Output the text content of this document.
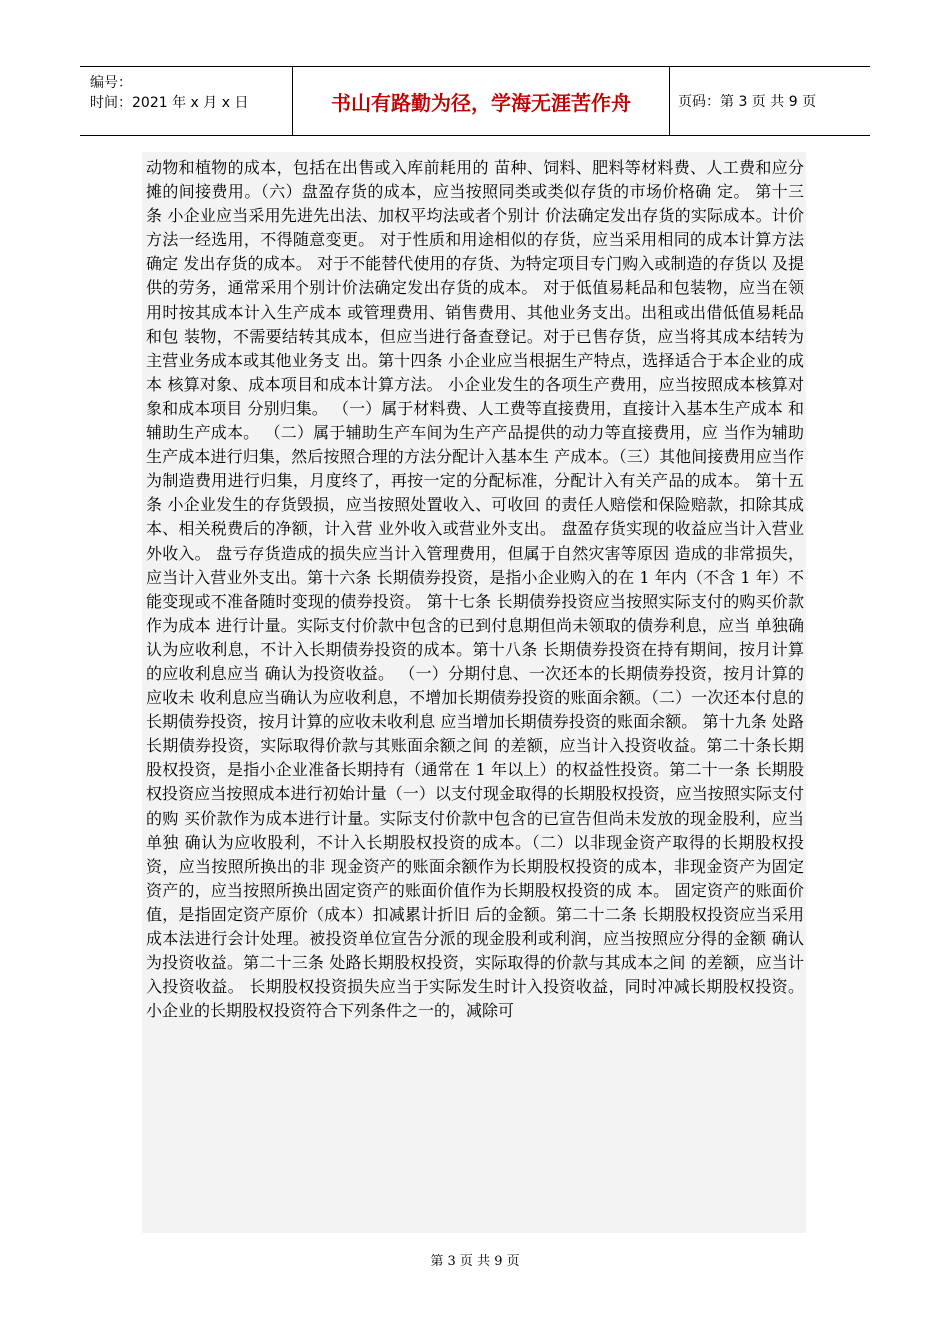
编号：
时间：2021 年 x 月 x 日	书山有路勤为径，学海无涯苦作舟	页码：第 3 页 共 9 页

动物和植物的成本，包括在出售或入库前耗用的 苗种、饲料、肥料等材料费、人工费和应分摊的间接费用。（六）盘盈存货的成本，应当按照同类或类似存货的市场价格确 定。 第十三条 小企业应当采用先进先出法、加权平均法或者个别计 价法确定发出存货的实际成本。计价方法一经选用，不得随意变更。 对于性质和用途相似的存货，应当采用相同的成本计算方法确定 发出存货的成本。 对于不能替代使用的存货、为特定项目专门购入或制造的存货以 及提供的劳务，通常采用个别计价法确定发出存货的成本。 对于低值易耗品和包装物，应当在领用时按其成本计入生产成本 或管理费用、销售费用、其他业务支出。出租或出借低值易耗品和包 装物，不需要结转其成本，但应当进行备查登记。对于已售存货，应当将其成本结转为主营业务成本或其他业务支 出。第十四条 小企业应当根据生产特点，选择适合于本企业的成本 核算对象、成本项目和成本计算方法。 小企业发生的各项生产费用，应当按照成本核算对象和成本项目 分别归集。 （一）属于材料费、人工费等直接费用，直接计入基本生产成本 和辅助生产成本。 （二）属于辅助生产车间为生产产品提供的动力等直接费用，应 当作为辅助生产成本进行归集，然后按照合理的方法分配计入基本生 产成本。（三）其他间接费用应当作为制造费用进行归集，月度终了，再按一定的分配标准，分配计入有关产品的成本。 第十五条 小企业发生的存货毁损，应当按照处置收入、可收回 的责任人赔偿和保险赔款，扣除其成本、相关税费后的净额，计入营 业外收入或营业外支出。 盘盈存货实现的收益应当计入营业外收入。 盘亏存货造成的损失应当计入管理费用，但属于自然灾害等原因 造成的非常损失，应当计入营业外支出。第十六条 长期债券投资，是指小企业购入的在 1 年内（不含 1 年）不能变现或不准备随时变现的债券投资。 第十七条 长期债券投资应当按照实际支付的购买价款作为成本 进行计量。实际支付价款中包含的已到付息期但尚未领取的债券利息，应当 单独确认为应收利息，不计入长期债券投资的成本。第十八条 长期债券投资在持有期间，按月计算的应收利息应当 确认为投资收益。 （一）分期付息、一次还本的长期债券投资，按月计算的应收未 收利息应当确认为应收利息，不增加长期债券投资的账面余额。（二）一次还本付息的长期债券投资，按月计算的应收未收利息 应当增加长期债券投资的账面余额。 第十九条 处路长期债券投资，实际取得价款与其账面余额之间 的差额，应当计入投资收益。第二十条长期股权投资，是指小企业准备长期持有（通常在 1 年以上）的权益性投资。第二十一条 长期股权投资应当按照成本进行初始计量（一）以支付现金取得的长期股权投资，应当按照实际支付的购 买价款作为成本进行计量。实际支付价款中包含的已宣告但尚未发放的现金股利，应当单独 确认为应收股利，不计入长期股权投资的成本。（二）以非现金资产取得的长期股权投资，应当按照所换出的非 现金资产的账面余额作为长期股权投资的成本，非现金资产为固定资产的，应当按照所换出固定资产的账面价值作为长期股权投资的成 本。 固定资产的账面价值，是指固定资产原价（成本）扣减累计折旧 后的金额。第二十二条 长期股权投资应当采用成本法进行会计处理。被投资单位宣告分派的现金股利或利润，应当按照应分得的金额 确认为投资收益。第二十三条 处路长期股权投资，实际取得的价款与其成本之间 的差额，应当计入投资收益。 长期股权投资损失应当于实际发生时计入投资收益，同时冲减长期股权投资。 小企业的长期股权投资符合下列条件之一的，减除可

第 3 页 共 9 页
